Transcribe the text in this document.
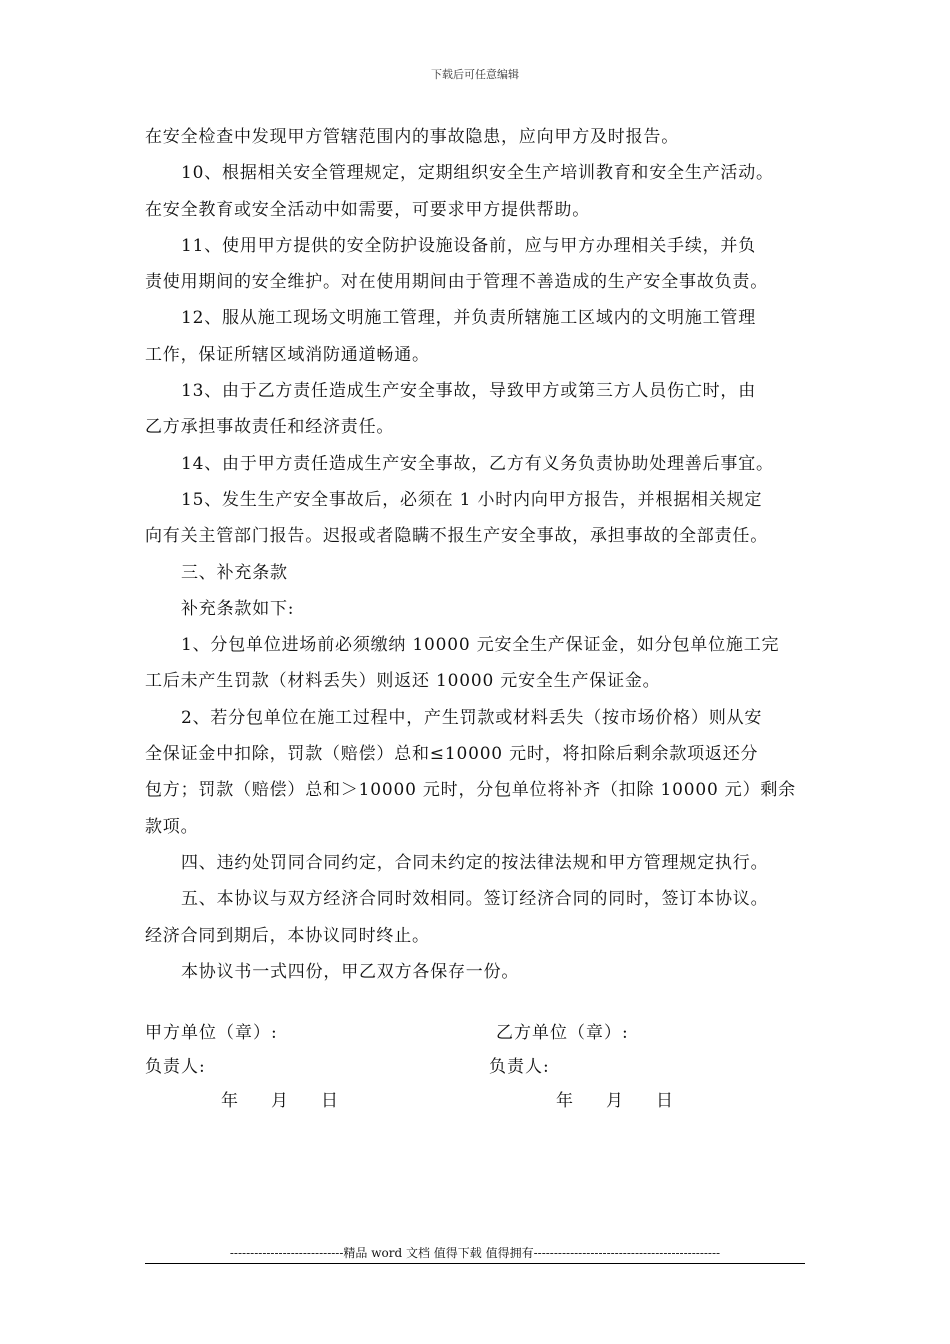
下载后可任意编辑
在安全检查中发现甲方管辖范围内的事故隐患，应向甲方及时报告。
10、根据相关安全管理规定，定期组织安全生产培训教育和安全生产活动。
在安全教育或安全活动中如需要，可要求甲方提供帮助。
11、使用甲方提供的安全防护设施设备前，应与甲方办理相关手续，并负
责使用期间的安全维护。对在使用期间由于管理不善造成的生产安全事故负责。
12、服从施工现场文明施工管理，并负责所辖施工区域内的文明施工管理
工作，保证所辖区域消防通道畅通。
13、由于乙方责任造成生产安全事故，导致甲方或第三方人员伤亡时，由
乙方承担事故责任和经济责任。
14、由于甲方责任造成生产安全事故，乙方有义务负责协助处理善后事宜。
15、发生生产安全事故后，必须在 1 小时内向甲方报告，并根据相关规定
向有关主管部门报告。迟报或者隐瞒不报生产安全事故，承担事故的全部责任。
三、补充条款
补充条款如下:
1、分包单位进场前必须缴纳 10000 元安全生产保证金，如分包单位施工完
工后未产生罚款（材料丢失）则返还 10000 元安全生产保证金。
2、若分包单位在施工过程中，产生罚款或材料丢失（按市场价格）则从安
全保证金中扣除，罚款（赔偿）总和≤10000 元时，将扣除后剩余款项返还分
包方；罚款（赔偿）总和＞10000 元时，分包单位将补齐（扣除 10000 元）剩余
款项。
四、违约处罚同合同约定，合同未约定的按法律法规和甲方管理规定执行。
五、本协议与双方经济合同时效相同。签订经济合同的同时，签订本协议。
经济合同到期后，本协议同时终止。
本协议书一式四份，甲乙双方各保存一份。
甲方单位（章）:	乙方单位（章）:
负责人:	负责人:
年　月　日	年　月　日
----------------------------精品 word 文档 值得下载 值得拥有----------------------------------------------
